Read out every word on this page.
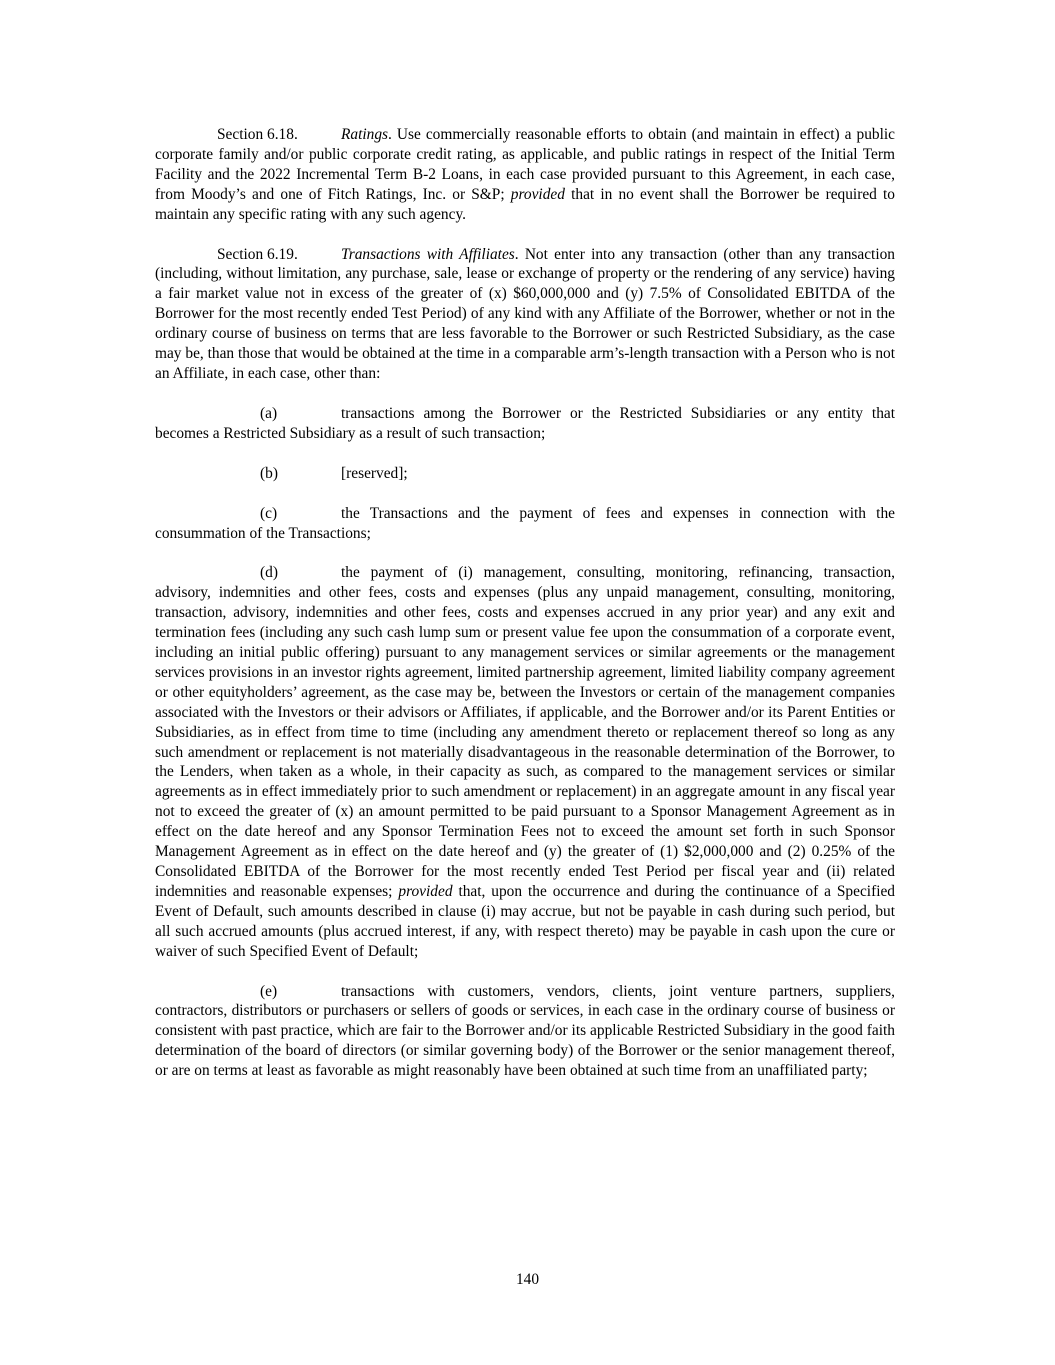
Section 6.18.	Ratings. Use commercially reasonable efforts to obtain (and maintain in effect) a public corporate family and/or public corporate credit rating, as applicable, and public ratings in respect of the Initial Term Facility and the 2022 Incremental Term B-2 Loans, in each case provided pursuant to this Agreement, in each case, from Moody’s and one of Fitch Ratings, Inc. or S&P; provided that in no event shall the Borrower be required to maintain any specific rating with any such agency.

Section 6.19.	Transactions with Affiliates. Not enter into any transaction (other than any transaction (including, without limitation, any purchase, sale, lease or exchange of property or the rendering of any service) having a fair market value not in excess of the greater of (x) $60,000,000 and (y) 7.5% of Consolidated EBITDA of the Borrower for the most recently ended Test Period) of any kind with any Affiliate of the Borrower, whether or not in the ordinary course of business on terms that are less favorable to the Borrower or such Restricted Subsidiary, as the case may be, than those that would be obtained at the time in a comparable arm’s-length transaction with a Person who is not an Affiliate, in each case, other than:

(a)	transactions among the Borrower or the Restricted Subsidiaries or any entity that becomes a Restricted Subsidiary as a result of such transaction;

(b)	[reserved];

(c)	the Transactions and the payment of fees and expenses in connection with the consummation of the Transactions;

(d)	the payment of (i) management, consulting, monitoring, refinancing, transaction, advisory, indemnities and other fees, costs and expenses (plus any unpaid management, consulting, monitoring, transaction, advisory, indemnities and other fees, costs and expenses accrued in any prior year) and any exit and termination fees (including any such cash lump sum or present value fee upon the consummation of a corporate event, including an initial public offering) pursuant to any management services or similar agreements or the management services provisions in an investor rights agreement, limited partnership agreement, limited liability company agreement or other equityholders’ agreement, as the case may be, between the Investors or certain of the management companies associated with the Investors or their advisors or Affiliates, if applicable, and the Borrower and/or its Parent Entities or Subsidiaries, as in effect from time to time (including any amendment thereto or replacement thereof so long as any such amendment or replacement is not materially disadvantageous in the reasonable determination of the Borrower, to the Lenders, when taken as a whole, in their capacity as such, as compared to the management services or similar agreements as in effect immediately prior to such amendment or replacement) in an aggregate amount in any fiscal year not to exceed the greater of (x) an amount permitted to be paid pursuant to a Sponsor Management Agreement as in effect on the date hereof and any Sponsor Termination Fees not to exceed the amount set forth in such Sponsor Management Agreement as in effect on the date hereof and (y) the greater of (1) $2,000,000 and (2) 0.25% of the Consolidated EBITDA of the Borrower for the most recently ended Test Period per fiscal year and (ii) related indemnities and reasonable expenses; provided that, upon the occurrence and during the continuance of a Specified Event of Default, such amounts described in clause (i) may accrue, but not be payable in cash during such period, but all such accrued amounts (plus accrued interest, if any, with respect thereto) may be payable in cash upon the cure or waiver of such Specified Event of Default;

(e)	transactions with customers, vendors, clients, joint venture partners, suppliers, contractors, distributors or purchasers or sellers of goods or services, in each case in the ordinary course of business or consistent with past practice, which are fair to the Borrower and/or its applicable Restricted Subsidiary in the good faith determination of the board of directors (or similar governing body) of the Borrower or the senior management thereof, or are on terms at least as favorable as might reasonably have been obtained at such time from an unaffiliated party;

140
